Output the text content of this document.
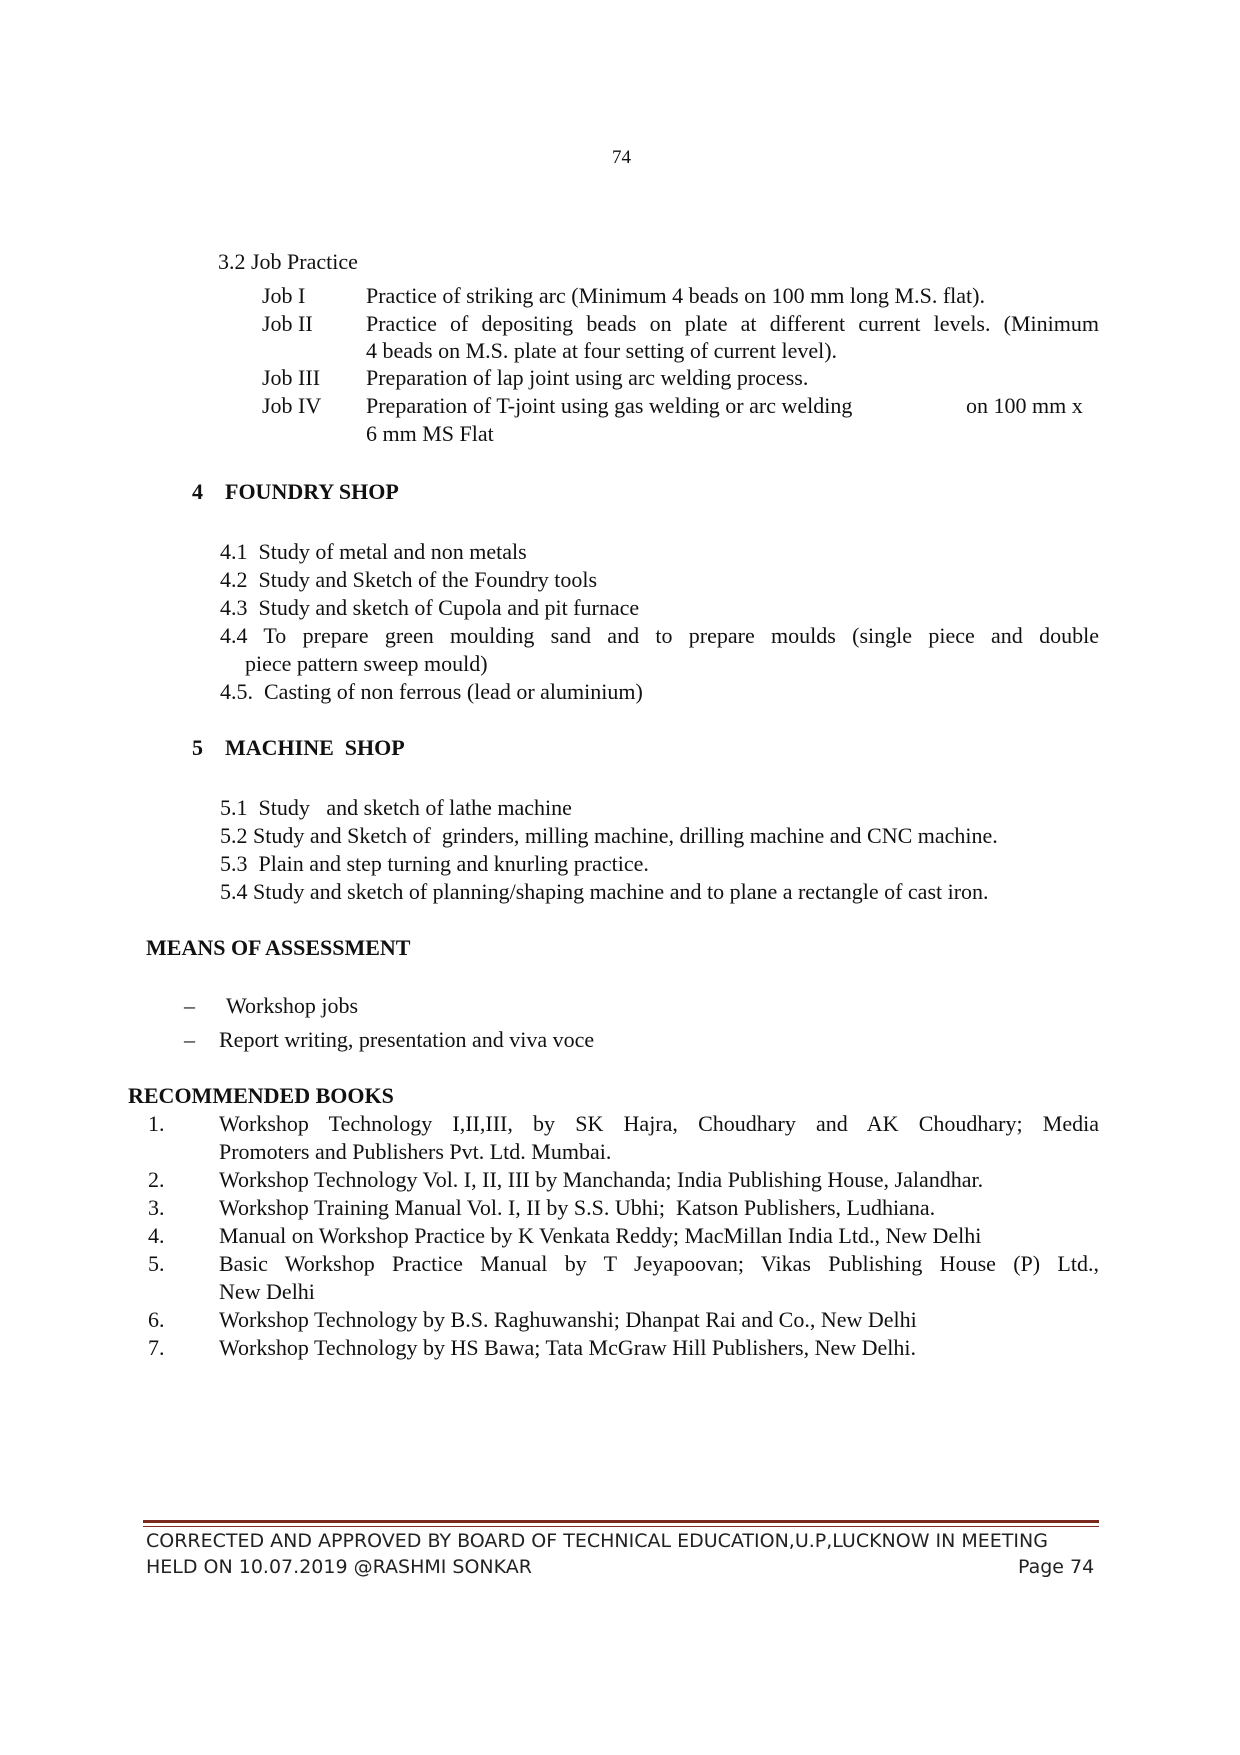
74
3.2 Job Practice
Job I	Practice of striking arc (Minimum 4 beads on 100 mm long M.S. flat).
Job II Practice of depositing beads on plate at different current levels. (Minimum
4 beads on M.S. plate at four setting of current level).
Job III Preparation of lap joint using arc welding process.
Job IV Preparation of T-joint using gas welding or arc welding	on 100 mm x
6 mm MS Flat
4    FOUNDRY SHOP
4.1  Study of metal and non metals
4.2  Study and Sketch of the Foundry tools
4.3  Study and sketch of Cupola and pit furnace
4.4 To prepare green moulding sand and to prepare moulds (single piece and double
piece pattern sweep mould)
4.5.  Casting of non ferrous (lead or aluminium)
5    MACHINE  SHOP
5.1  Study   and sketch of lathe machine
5.2 Study and Sketch of  grinders, milling machine, drilling machine and CNC machine.
5.3  Plain and step turning and knurling practice.
5.4 Study and sketch of planning/shaping machine and to plane a rectangle of cast iron.
MEANS OF ASSESSMENT
– Workshop jobs
– Report writing, presentation and viva voce
RECOMMENDED BOOKS
1. Workshop Technology I,II,III, by SK Hajra, Choudhary and AK Choudhary; Media
Promoters and Publishers Pvt. Ltd. Mumbai.
2. Workshop Technology Vol. I, II, III by Manchanda; India Publishing House, Jalandhar.
3. Workshop Training Manual Vol. I, II by S.S. Ubhi;  Katson Publishers, Ludhiana.
4. Manual on Workshop Practice by K Venkata Reddy; MacMillan India Ltd., New Delhi
5. Basic Workshop Practice Manual by T Jeyapoovan; Vikas Publishing House (P) Ltd.,
New Delhi
6. Workshop Technology by B.S. Raghuwanshi; Dhanpat Rai and Co., New Delhi
7. Workshop Technology by HS Bawa; Tata McGraw Hill Publishers, New Delhi.
CORRECTED AND APPROVED BY BOARD OF TECHNICAL EDUCATION,U.P,LUCKNOW IN MEETING
HELD ON 10.07.2019 @RASHMI SONKAR	Page 74
